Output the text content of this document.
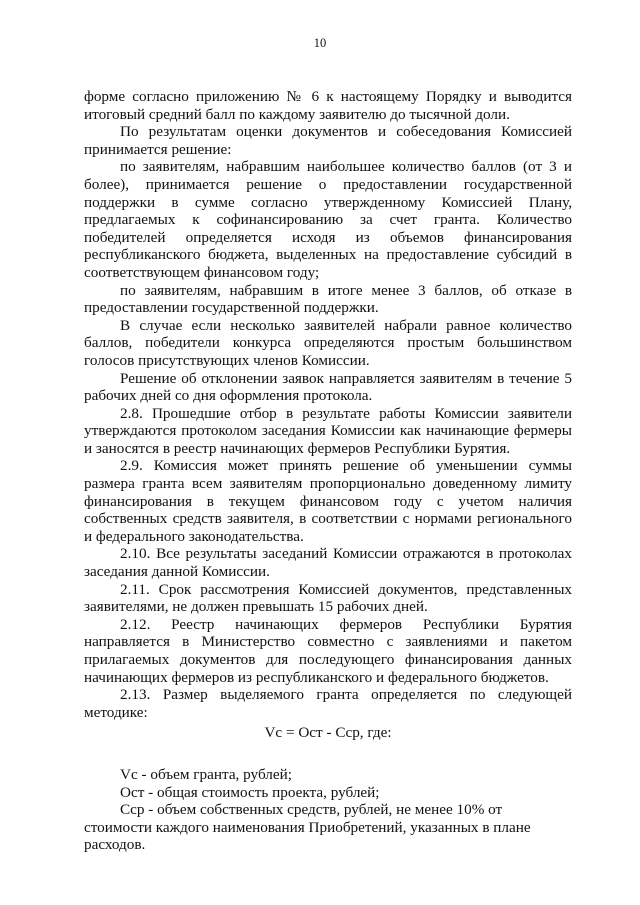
10

форме согласно приложению № 6 к настоящему Порядку и выводится итоговый средний балл по каждому заявителю до тысячной доли.

По результатам оценки документов и собеседования Комиссией принимается решение:

по заявителям, набравшим наибольшее количество баллов (от 3 и более), принимается решение о предоставлении государственной поддержки в сумме согласно утвержденному Комиссией Плану, предлагаемых к софинансированию за счет гранта. Количество победителей определяется исходя из объемов финансирования республиканского бюджета, выделенных на предоставление субсидий в соответствующем финансовом году;

по заявителям, набравшим в итоге менее 3 баллов, об отказе в предоставлении государственной поддержки.

В случае если несколько заявителей набрали равное количество баллов, победители конкурса определяются простым большинством голосов присутствующих членов Комиссии.

Решение об отклонении заявок направляется заявителям в течение 5 рабочих дней со дня оформления протокола.

2.8. Прошедшие отбор в результате работы Комиссии заявители утверждаются протоколом заседания Комиссии как начинающие фермеры и заносятся в реестр начинающих фермеров Республики Бурятия.

2.9. Комиссия может принять решение об уменьшении суммы размера гранта всем заявителям пропорционально доведенному лимиту финансирования в текущем финансовом году с учетом наличия собственных средств заявителя, в соответствии с нормами регионального и федерального законодательства.

2.10. Все результаты заседаний Комиссии отражаются в протоколах заседания данной Комиссии.

2.11. Срок рассмотрения Комиссией документов, представленных заявителями, не должен превышать 15 рабочих дней.

2.12. Реестр начинающих фермеров Республики Бурятия направляется в Министерство совместно с заявлениями и пакетом прилагаемых документов для последующего финансирования данных начинающих фермеров из республиканского и федерального бюджетов.

2.13. Размер выделяемого гранта определяется по следующей методике:

Vc = Ост - Cсp, где:

Vc - объем гранта, рублей;

Ост - общая стоимость проекта, рублей;

Cсp - объем собственных средств, рублей, не менее 10% от

стоимости каждого наименования Приобретений, указанных в плане расходов.
